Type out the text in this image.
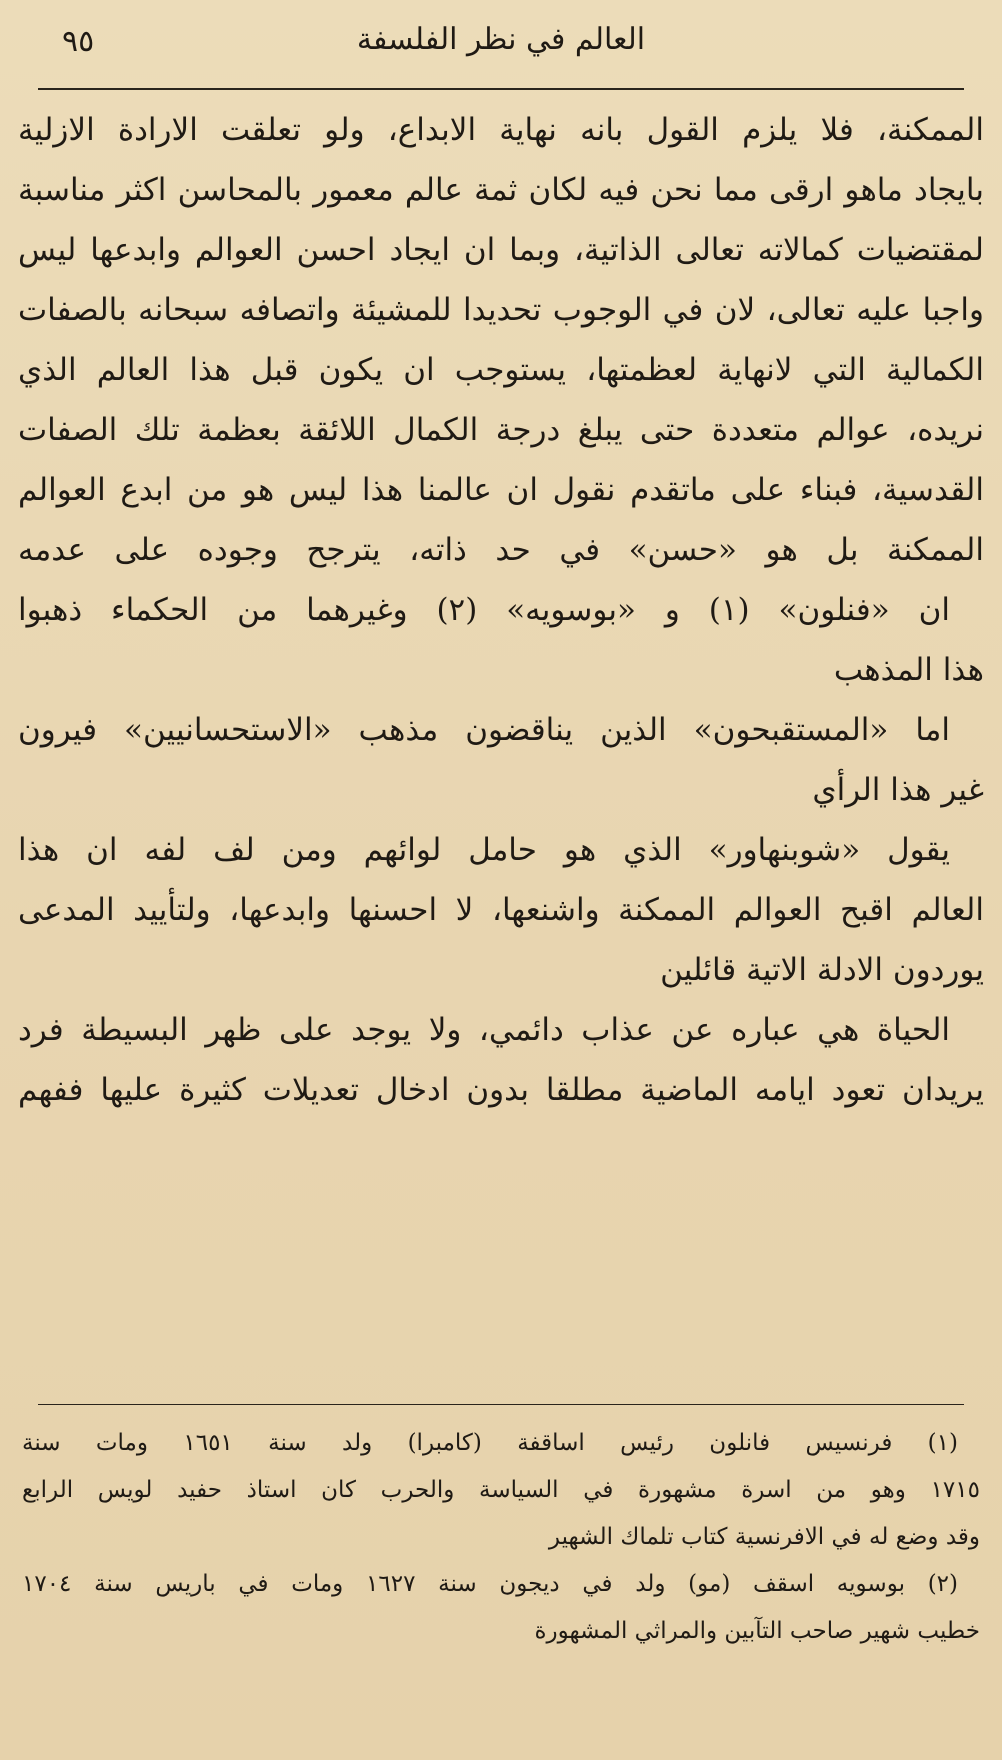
٩٥	العالم في نظر الفلسفة
الممكنة، فلا يلزم القول بانه نهاية الابداع، ولو تعلقت الارادة الازلية
بايجاد ماهو ارقى مما نحن فيه لكان ثمة عالم معمور بالمحاسن اكثر مناسبة
لمقتضيات كمالاته تعالى الذاتية، وبما ان ايجاد احسن العوالم وابدعها ليس
واجبا عليه تعالى، لان في الوجوب تحديدا للمشيئة واتصافه سبحانه بالصفات
الكمالية التي لانهاية لعظمتها، يستوجب ان يكون قبل هذا العالم الذي
نريده، عوالم متعددة حتى يبلغ درجة الكمال اللائقة بعظمة تلك الصفات
القدسية، فبناء على ماتقدم نقول ان عالمنا هذا ليس هو من ابدع العوالم
الممكنة بل هو «حسن» في حد ذاته، يترجح وجوده على عدمه
ان «فنلون» (١) و «بوسويه» (٢) وغيرهما من الحكماء ذهبوا
هذا المذهب
اما «المستقبحون» الذين يناقضون مذهب «الاستحسانيين» فيرون
غير هذا الرأي
يقول «شوبنهاور» الذي هو حامل لوائهم ومن لف لفه ان هذا
العالم اقبح العوالم الممكنة واشنعها، لا احسنها وابدعها، ولتأييد المدعى
يوردون الادلة الاتية قائلين
الحياة هي عباره عن عذاب دائمي، ولا يوجد على ظهر البسيطة فرد
يريدان تعود ايامه الماضية مطلقا بدون ادخال تعديلات كثيرة عليها ففهم
(١) فرنسيس فانلون رئيس اساقفة (كامبرا) ولد سنة ١٦٥١ ومات سنة
١٧١٥ وهو من اسرة مشهورة في السياسة والحرب كان استاذ حفيد لويس الرابع
وقد وضع له في الافرنسية كتاب تلماك الشهير
(٢) بوسويه اسقف (مو) ولد في ديجون سنة ١٦٢٧ ومات في باريس سنة ١٧٠٤
خطيب شهير صاحب التآبين والمراثي المشهورة
